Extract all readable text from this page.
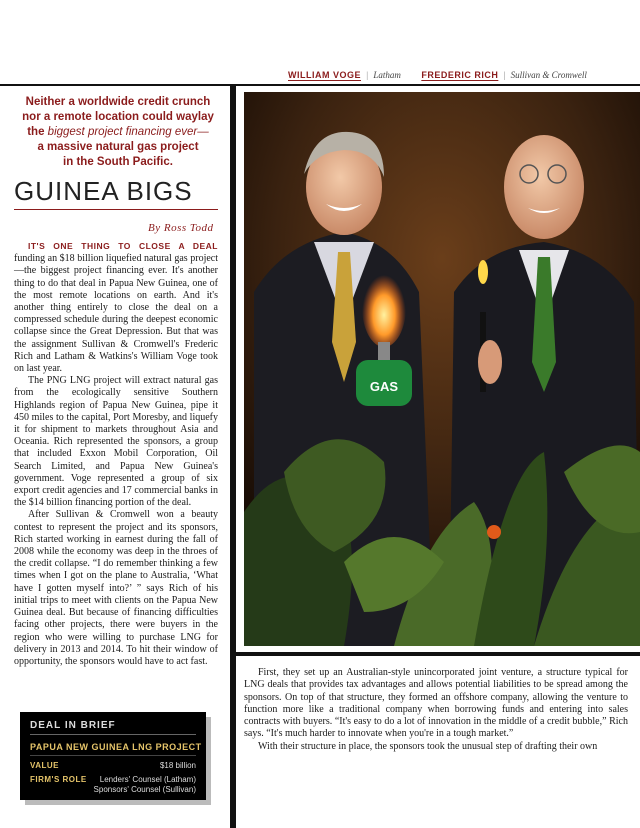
WILLIAM VOGE | Latham FREDERIC RICH | Sullivan & Cromwell
GAS
Neither a worldwide credit crunch
nor a remote location could waylay
the biggest project financing ever—
a massive natural gas project
in the South Pacific.
GUINEA BIGS
By Ross Todd

IT'S ONE THING TO CLOSE A DEAL funding an $18 billion liquefied natural gas project—the biggest project financing ever. It's another thing to do that deal in Papua New Guinea, one of the most remote locations on earth. And it's another thing entirely to close the deal on a compressed schedule during the deepest economic collapse since the Great Depression. But that was the assignment Sullivan & Cromwell's Frederic Rich and Latham & Watkins's William Voge took on last year.

The PNG LNG project will extract natural gas from the ecologically sensitive Southern Highlands region of Papua New Guinea, pipe it 450 miles to the capital, Port Moresby, and liquefy it for shipment to markets throughout Asia and Oceania. Rich represented the sponsors, a group that included Exxon Mobil Corporation, Oil Search Limited, and Papua New Guinea's government. Voge represented a group of six export credit agencies and 17 commercial banks in the $14 billion financing portion of the deal.

After Sullivan & Cromwell won a beauty contest to represent the project and its sponsors, Rich started working in earnest during the fall of 2008 while the economy was deep in the throes of the credit collapse. “I do remember thinking a few times when I got on the plane to Australia, ‘What have I gotten myself into?’ ” says Rich of his initial trips to meet with clients on the Papua New Guinea deal. But because of financing difficulties facing other projects, there were buyers in the region who were willing to purchase LNG for delivery in 2013 and 2014. To hit their window of opportunity, the sponsors would have to act fast.

First, they set up an Australian-style unincorporated joint venture, a structure typical for LNG deals that provides tax advantages and allows potential liabilities to be spread among the sponsors. On top of that structure, they formed an offshore company, allowing the venture to function more like a traditional company when borrowing funds and entering into sales contracts with buyers. “It's easy to do a lot of innovation in the middle of a credit bubble,” Rich says. “It's much harder to innovate when you're in a tough market.”

With their structure in place, the sponsors took the unusual step of drafting their own

DEAL IN BRIEF
PAPUA NEW GUINEA LNG PROJECT
VALUE	$18 billion
FIRM'S ROLE	Lenders' Counsel (Latham)
Sponsors' Counsel (Sullivan)
